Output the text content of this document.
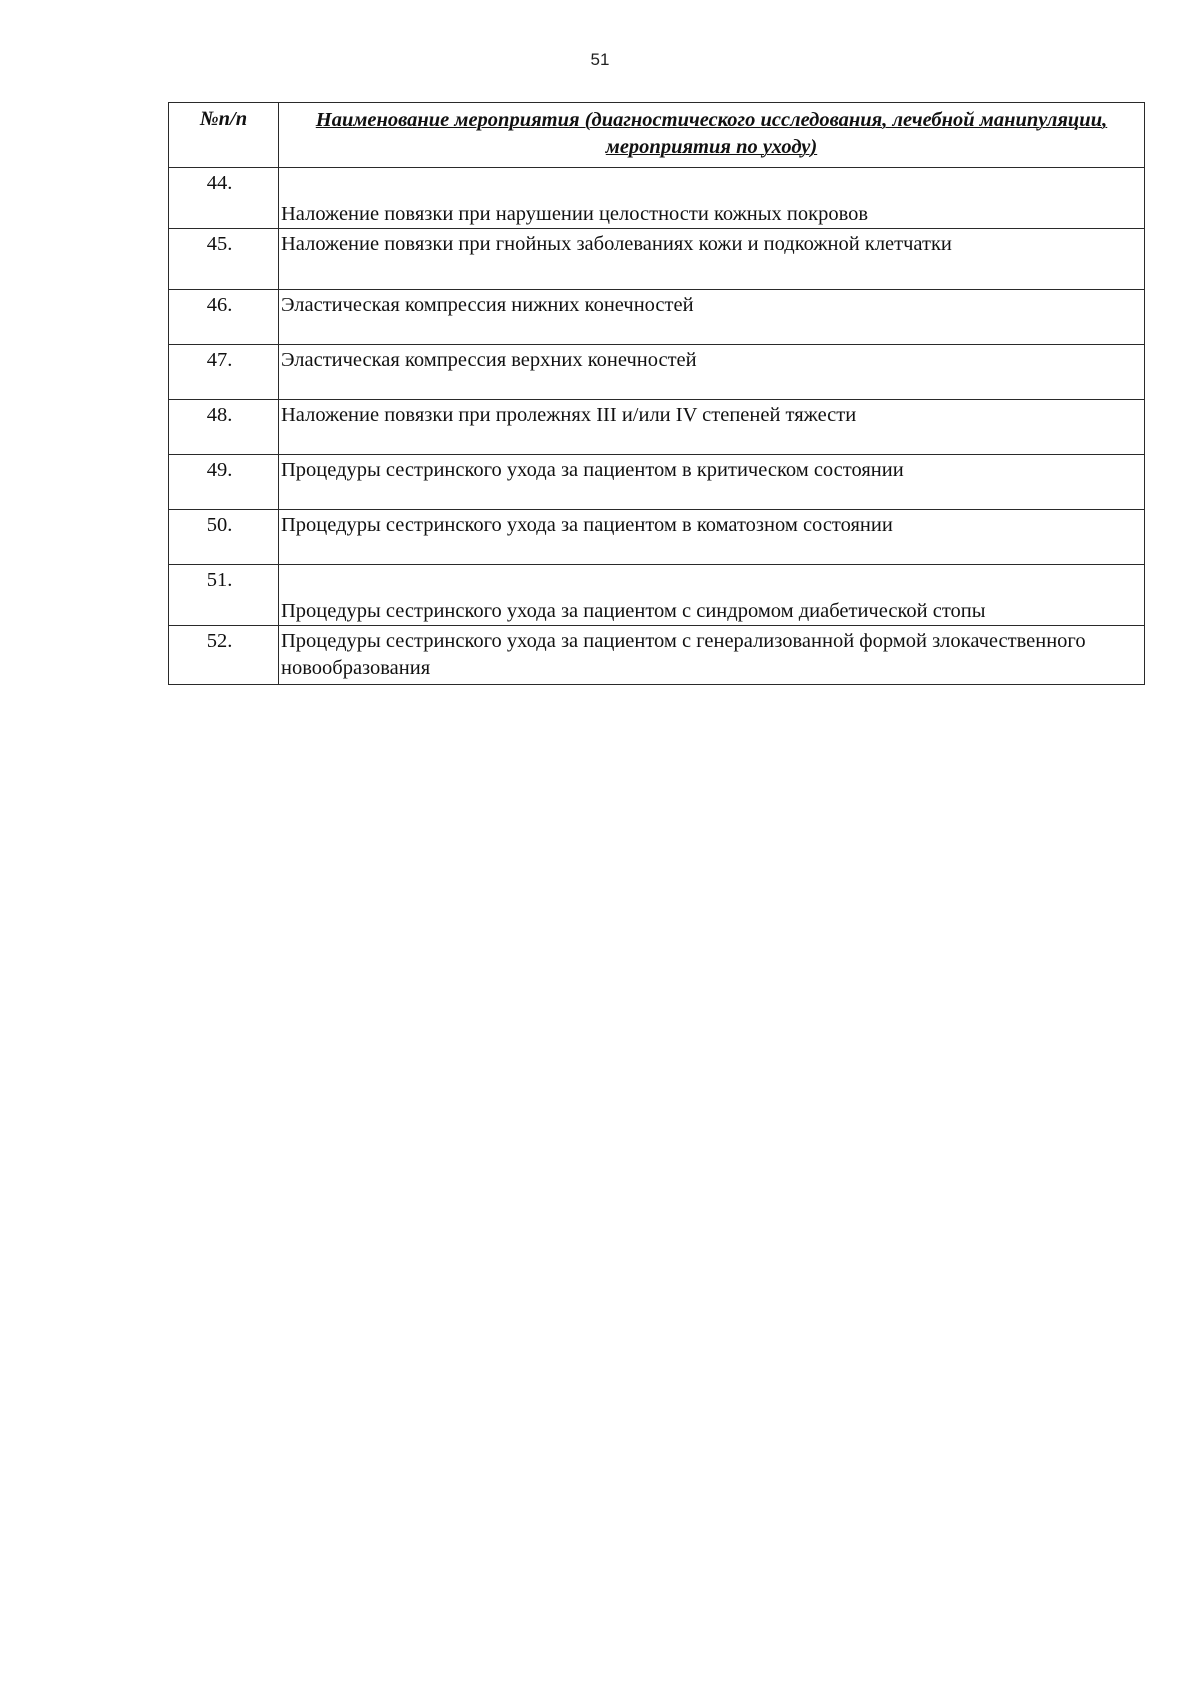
51
№п/п	Наименование мероприятия (диагностического исследования, лечебной манипуляции, мероприятия по уходу)
44.	Наложение повязки при нарушении целостности кожных покровов
45.	Наложение повязки при гнойных заболеваниях кожи и подкожной клетчатки
46.	Эластическая компрессия нижних конечностей
47.	Эластическая компрессия верхних конечностей
48.	Наложение повязки при пролежнях III и/или IV степеней тяжести
49.	Процедуры сестринского ухода за пациентом в критическом состоянии
50.	Процедуры сестринского ухода за пациентом в коматозном состоянии
51.	Процедуры сестринского ухода за пациентом с синдромом диабетической стопы
52.	Процедуры сестринского ухода за пациентом с генерализованной формой злокачественного новообразования
